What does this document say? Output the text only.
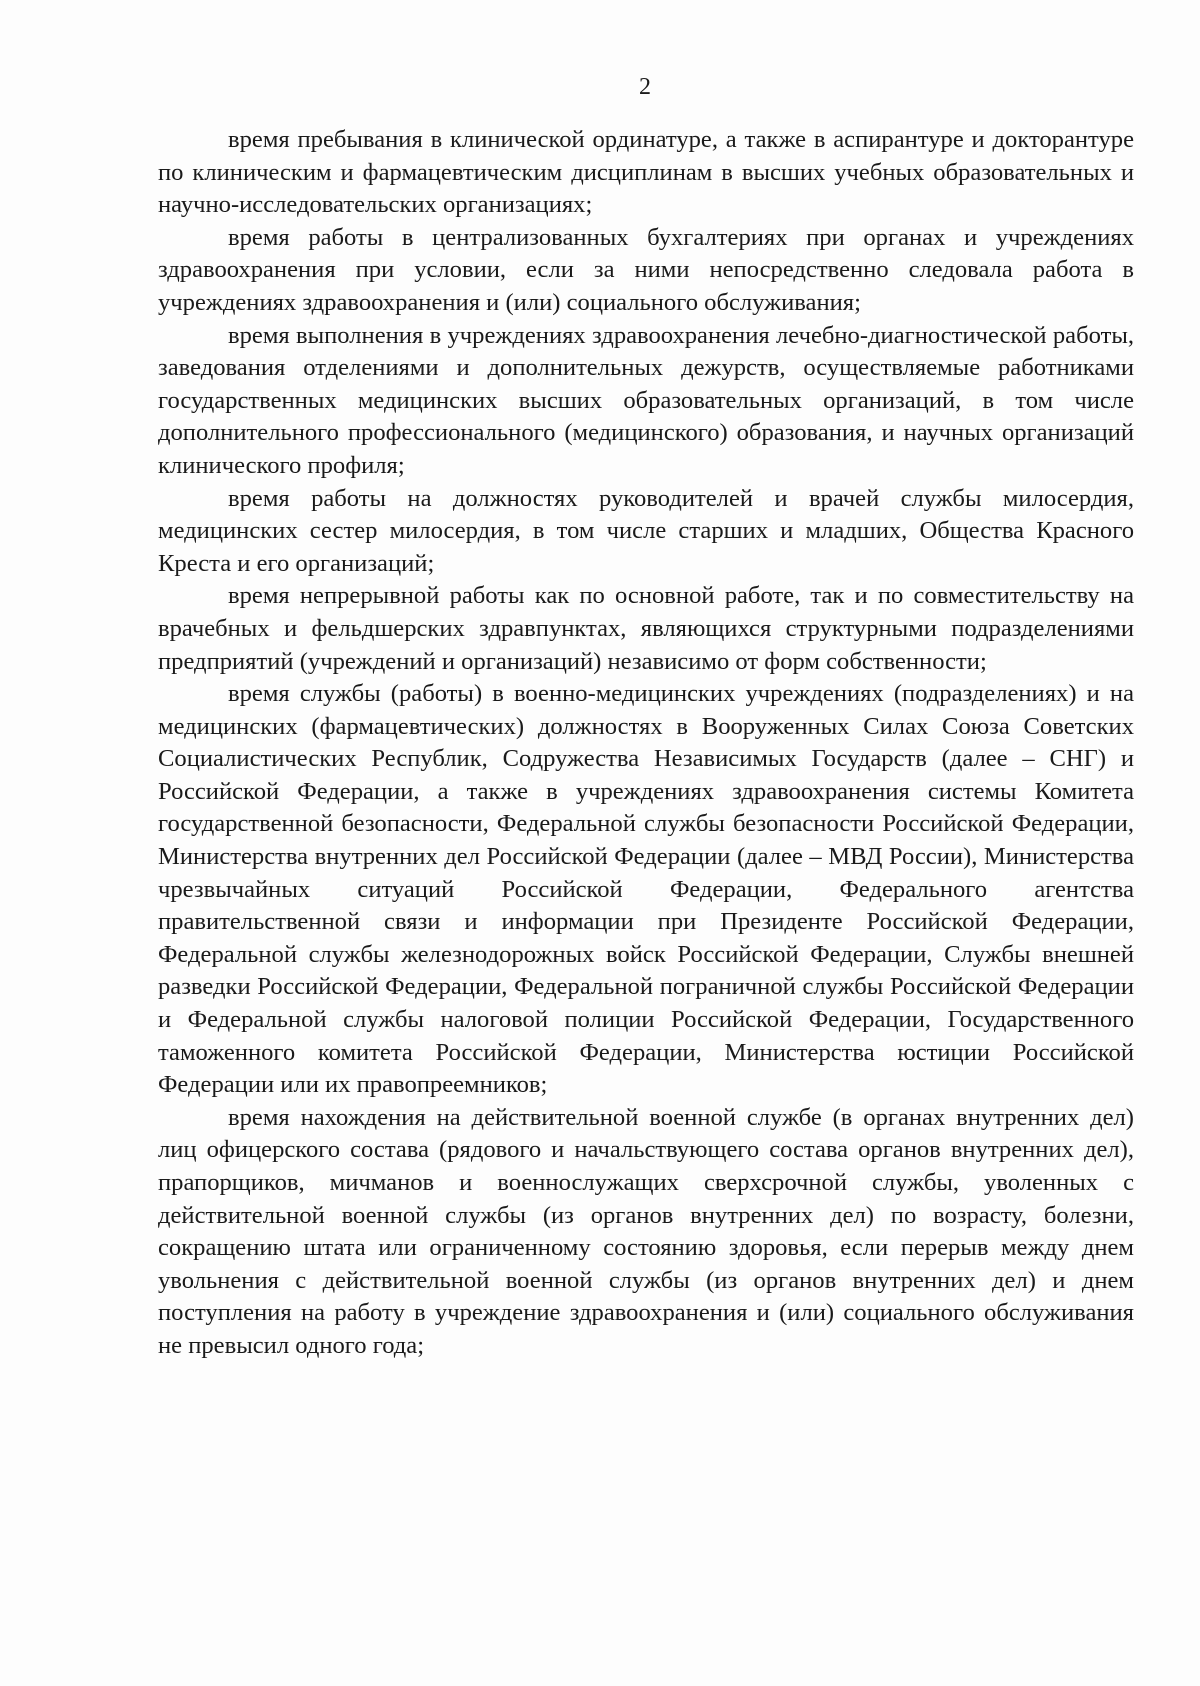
2

время пребывания в клинической ординатуре, а также в аспирантуре и докторантуре по клиническим и фармацевтическим дисциплинам в высших учебных образовательных и научно-исследовательских организациях;

время работы в централизованных бухгалтериях при органах и учреждениях здравоохранения при условии, если за ними непосредственно следовала работа в учреждениях здравоохранения и (или) социального обслуживания;

время выполнения в учреждениях здравоохранения лечебно-диагностической работы, заведования отделениями и дополнительных дежурств, осуществляемые работниками государственных медицинских высших образовательных организаций, в том числе дополнительного профессионального (медицинского) образования, и научных организаций клинического профиля;

время работы на должностях руководителей и врачей службы милосердия, медицинских сестер милосердия, в том числе старших и младших, Общества Красного Креста и его организаций;

время непрерывной работы как по основной работе, так и по совместительству на врачебных и фельдшерских здравпунктах, являющихся структурными подразделениями предприятий (учреждений и организаций) независимо от форм собственности;

время службы (работы) в военно-медицинских учреждениях (подразделениях) и на медицинских (фармацевтических) должностях в Вооруженных Силах Союза Советских Социалистических Республик, Содружества Независимых Государств (далее – СНГ) и Российской Федерации, а также в учреждениях здравоохранения системы Комитета государственной безопасности, Федеральной службы безопасности Российской Федерации, Министерства внутренних дел Российской Федерации (далее – МВД России), Министерства чрезвычайных ситуаций Российской Федерации, Федерального агентства правительственной связи и информации при Президенте Российской Федерации, Федеральной службы железнодорожных войск Российской Федерации, Службы внешней разведки Российской Федерации, Федеральной пограничной службы Российской Федерации и Федеральной службы налоговой полиции Российской Федерации, Государственного таможенного комитета Российской Федерации, Министерства юстиции Российской Федерации или их правопреемников;

время нахождения на действительной военной службе (в органах внутренних дел) лиц офицерского состава (рядового и начальствующего состава органов внутренних дел), прапорщиков, мичманов и военнослужащих сверхсрочной службы, уволенных с действительной военной службы (из органов внутренних дел) по возрасту, болезни, сокращению штата или ограниченному состоянию здоровья, если перерыв между днем увольнения с действительной военной службы (из органов внутренних дел) и днем поступления на работу в учреждение здравоохранения и (или) социального обслуживания не превысил одного года;
